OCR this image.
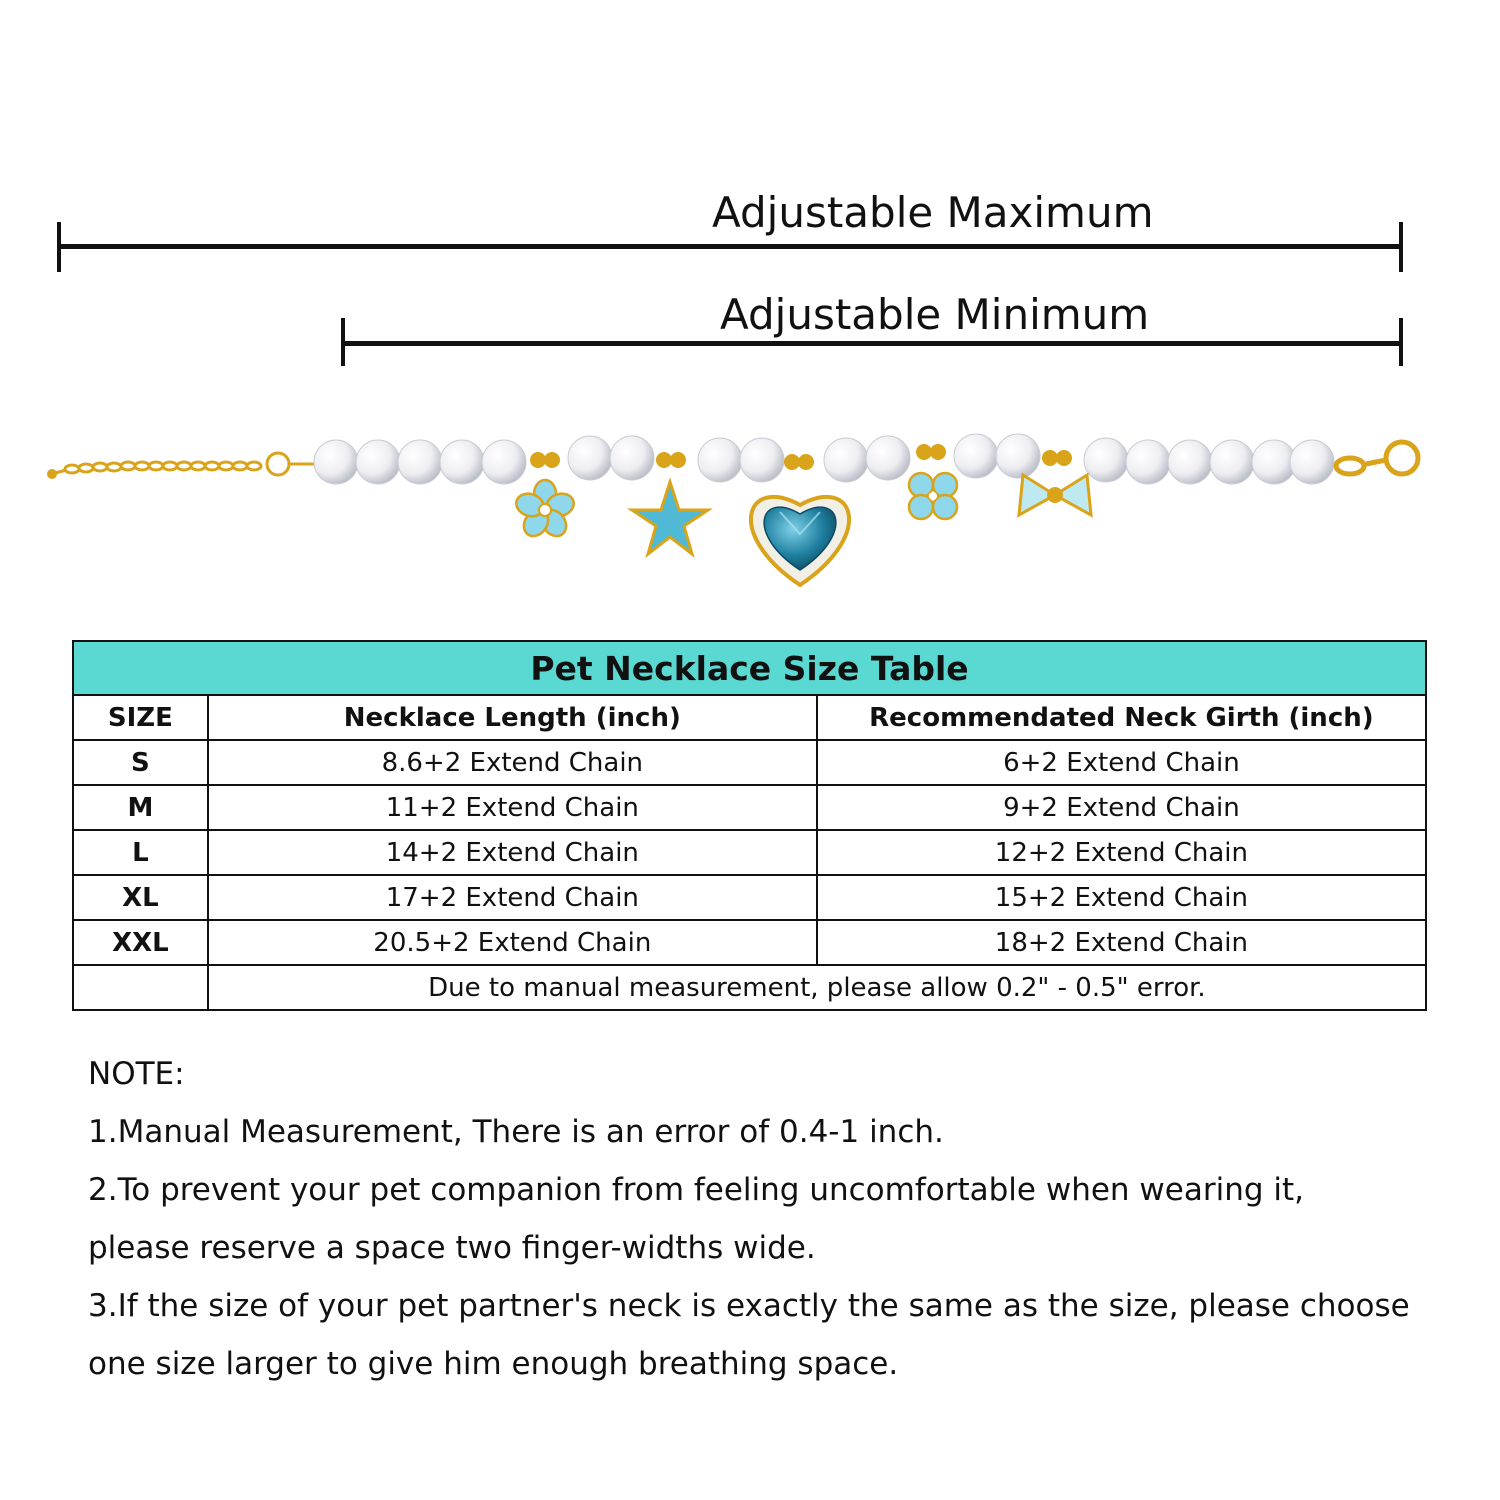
Adjustable Maximum
Adjustable Minimum
Pet Necklace Size Table		
SIZE	Necklace Length (inch)	Recommendated Neck Girth (inch)
S	8.6+2 Extend Chain	6+2 Extend Chain
M	11+2 Extend Chain	9+2 Extend Chain
L	14+2 Extend Chain	12+2 Extend Chain
XL	17+2 Extend Chain	15+2 Extend Chain
XXL	20.5+2 Extend Chain	18+2 Extend Chain
	Due to manual measurement, please allow 0.2" - 0.5" error.	

NOTE:

1.Manual Measurement, There is an error of 0.4-1 inch.

2.To prevent your pet companion from feeling uncomfortable when wearing it,

please reserve a space two finger-widths wide.

3.If the size of your pet partner's neck is exactly the same as the size, please choose

one size larger to give him enough breathing space.
